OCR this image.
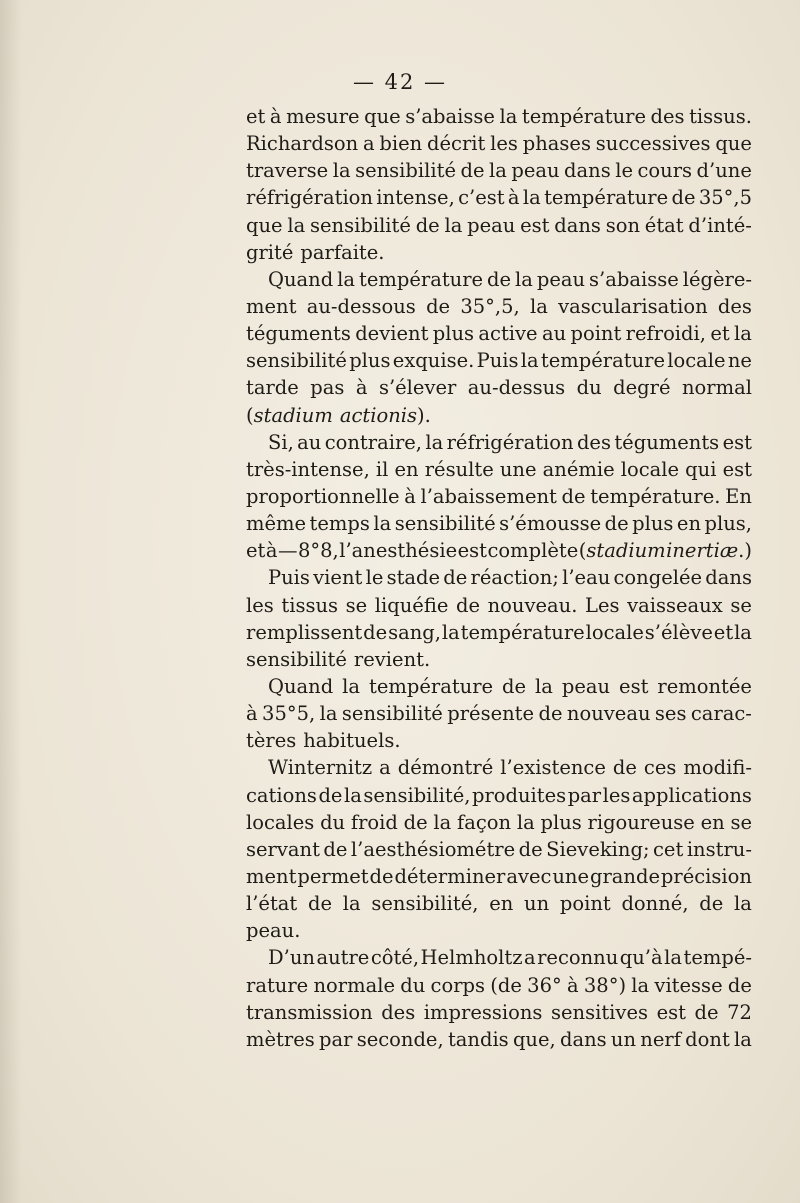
— 42 —
et à mesure que s’abaisse la température des tissus.
Richardson a bien décrit les phases successives que
traverse la sensibilité de la peau dans le cours d’une
réfrigération intense, c’est à la température de 35°,5
que la sensibilité de la peau est dans son état d’inté-
grité parfaite.
Quand la température de la peau s’abaisse légère-
ment au-dessous de 35°,5, la vascularisation des
téguments devient plus active au point refroidi, et la
sensibilité plus exquise. Puis la température locale ne
tarde pas à s’élever au-dessus du degré normal
(stadium actionis).
Si, au contraire, la réfrigération des téguments est
très-intense, il en résulte une anémie locale qui est
proportionnelle à l’abaissement de température. En
même temps la sensibilité s’émousse de plus en plus,
et à — 8°8, l’anesthésie est complète (stadium inertiæ.)
Puis vient le stade de réaction; l’eau congelée dans
les tissus se liquéfie de nouveau. Les vaisseaux se
remplissent de sang, la température locale s’élève et la
sensibilité revient.
Quand la température de la peau est remontée
à 35°5, la sensibilité présente de nouveau ses carac-
tères habituels.
Winternitz a démontré l’existence de ces modifi-
cations de la sensibilité, produites par les applications
locales du froid de la façon la plus rigoureuse en se
servant de l’aesthésiométre de Sieveking; cet instru-
ment permet de déterminer avec une grande précision
l’état de la sensibilité, en un point donné, de la
peau.
D’un autre côté, Helmholtz a reconnu qu’à la tempé-
rature normale du corps (de 36° à 38°) la vitesse de
transmission des impressions sensitives est de 72
mètres par seconde, tandis que, dans un nerf dont la
